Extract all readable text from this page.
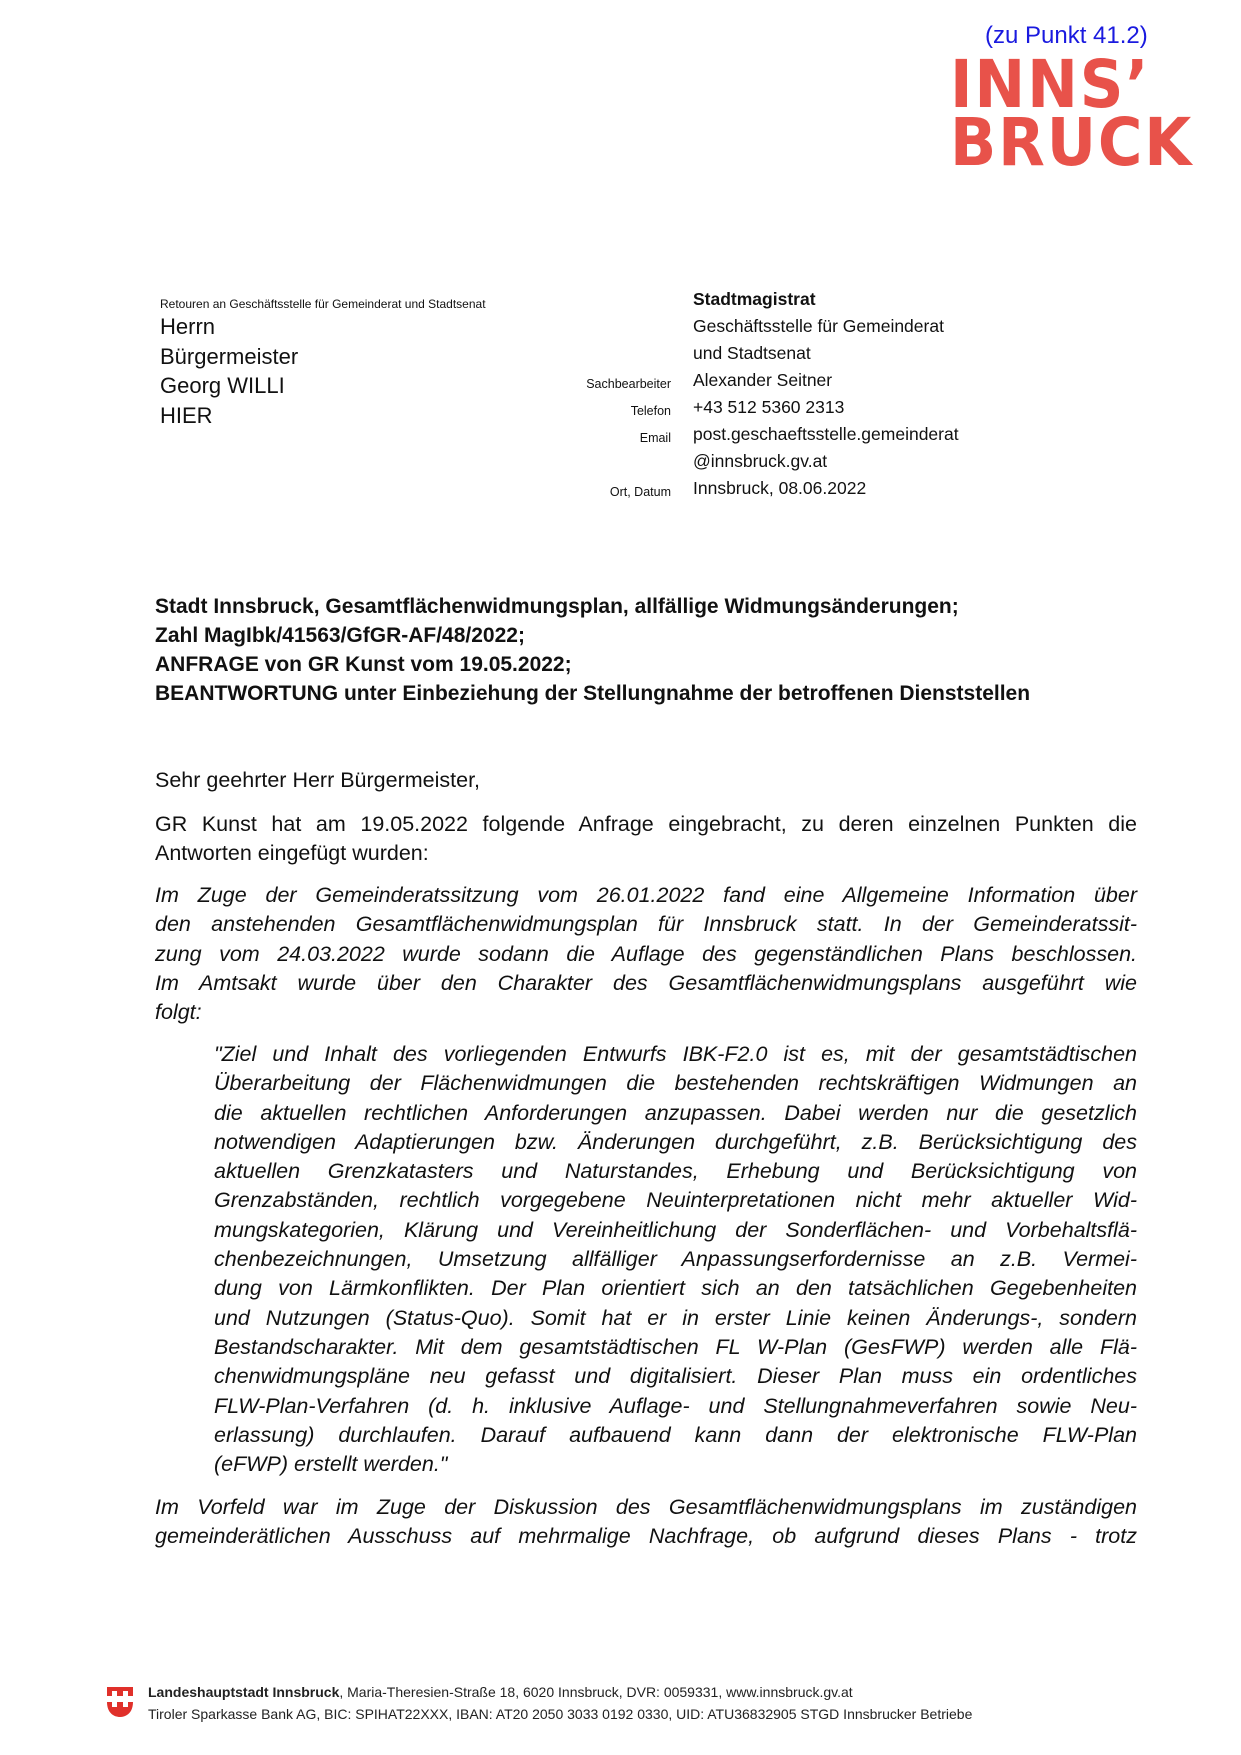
(zu Punkt 41.2)
INNS’
BRUCK
Retouren an Geschäftsstelle für Gemeinderat und Stadtsenat
Herrn
Bürgermeister
Georg WILLI
HIER
Stadtmagistrat
Geschäftsstelle für Gemeinderat
und Stadtsenat
Sachbearbeiter Alexander Seitner
Telefon +43 512 5360 2313
Email post.geschaeftsstelle.gemeinderat
@innsbruck.gv.at
Ort, Datum Innsbruck, 08.06.2022
Stadt Innsbruck, Gesamtflächenwidmungsplan, allfällige Widmungsänderungen;
Zahl MagIbk/41563/GfGR-AF/48/2022;
ANFRAGE von GR Kunst vom 19.05.2022;
BEANTWORTUNG unter Einbeziehung der Stellungnahme der betroffenen Dienststellen
Sehr geehrter Herr Bürgermeister,
GR Kunst hat am 19.05.2022 folgende Anfrage eingebracht, zu deren einzelnen Punkten die
Antworten eingefügt wurden:
Im Zuge der Gemeinderatssitzung vom 26.01.2022 fand eine Allgemeine Information über
den anstehenden Gesamtflächenwidmungsplan für Innsbruck statt. In der Gemeinderatssit-
zung vom 24.03.2022 wurde sodann die Auflage des gegenständlichen Plans beschlossen.
Im Amtsakt wurde über den Charakter des Gesamtflächenwidmungsplans ausgeführt wie
folgt:
"Ziel und Inhalt des vorliegenden Entwurfs IBK-F2.0 ist es, mit der gesamtstädtischen
Überarbeitung der Flächenwidmungen die bestehenden rechtskräftigen Widmungen an
die aktuellen rechtlichen Anforderungen anzupassen. Dabei werden nur die gesetzlich
notwendigen Adaptierungen bzw. Änderungen durchgeführt, z.B. Berücksichtigung des
aktuellen Grenzkatasters und Naturstandes, Erhebung und Berücksichtigung von
Grenzabständen, rechtlich vorgegebene Neuinterpretationen nicht mehr aktueller Wid-
mungskategorien, Klärung und Vereinheitlichung der Sonderflächen- und Vorbehaltsflä-
chenbezeichnungen, Umsetzung allfälliger Anpassungserfordernisse an z.B. Vermei-
dung von Lärmkonflikten. Der Plan orientiert sich an den tatsächlichen Gegebenheiten
und Nutzungen (Status-Quo). Somit hat er in erster Linie keinen Änderungs-, sondern
Bestandscharakter. Mit dem gesamtstädtischen FL W-Plan (GesFWP) werden alle Flä-
chenwidmungspläne neu gefasst und digitalisiert. Dieser Plan muss ein ordentliches
FLW-Plan-Verfahren (d. h. inklusive Auflage- und Stellungnahmeverfahren sowie Neu-
erlassung) durchlaufen. Darauf aufbauend kann dann der elektronische FLW-Plan
(eFWP) erstellt werden."
Im Vorfeld war im Zuge der Diskussion des Gesamtflächenwidmungsplans im zuständigen
gemeinderätlichen Ausschuss auf mehrmalige Nachfrage, ob aufgrund dieses Plans - trotz
Landeshauptstadt Innsbruck, Maria-Theresien-Straße 18, 6020 Innsbruck, DVR: 0059331, www.innsbruck.gv.at
Tiroler Sparkasse Bank AG, BIC: SPIHAT22XXX, IBAN: AT20 2050 3033 0192 0330, UID: ATU36832905 STGD Innsbrucker Betriebe
